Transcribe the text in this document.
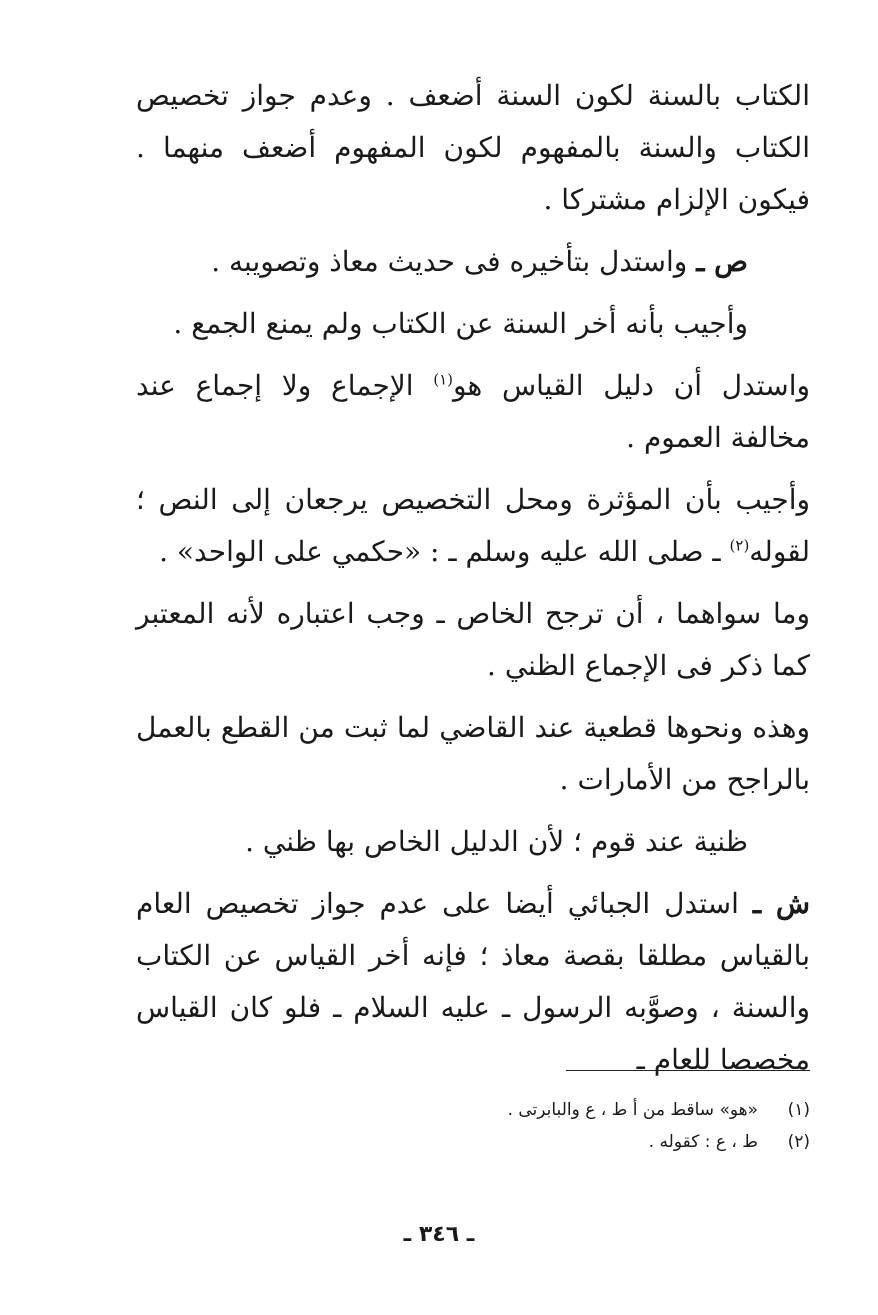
الكتاب بالسنة لكون السنة أضعف . وعدم جواز تخصيص الكتاب والسنة بالمفهوم لكون المفهوم أضعف منهما . فيكون الإلزام مشتركا .

ص ـ واستدل بتأخيره فى حديث معاذ وتصويبه .

وأجيب بأنه أخر السنة عن الكتاب ولم يمنع الجمع .

واستدل أن دليل القياس هو$^{(١)}$ الإجماع ولا إجماع عند مخالفة العموم .

وأجيب بأن المؤثرة ومحل التخصيص يرجعان إلى النص ؛ لقوله$^{(٢)}$ ـ صلى الله عليه وسلم ـ : «حكمي على الواحد» .

وما سواهما ، أن ترجح الخاص ـ وجب اعتباره لأنه المعتبر كما ذكر فى الإجماع الظني .

وهذه ونحوها قطعية عند القاضي لما ثبت من القطع بالعمل بالراجح من الأمارات .

ظنية عند قوم ؛ لأن الدليل الخاص بها ظني .

ش ـ استدل الجبائي أيضا على عدم جواز تخصيص العام بالقياس مطلقا بقصة معاذ ؛ فإنه أخر القياس عن الكتاب والسنة ، وصوَّبه الرسول ـ عليه السلام ـ فلو كان القياس مخصصا للعام ـ

(١)
«هو» ساقط من أ ط ، ع والبابرتى .
(٢)
ط ، ع : كقوله .
ـ ٣٤٦ ـ
